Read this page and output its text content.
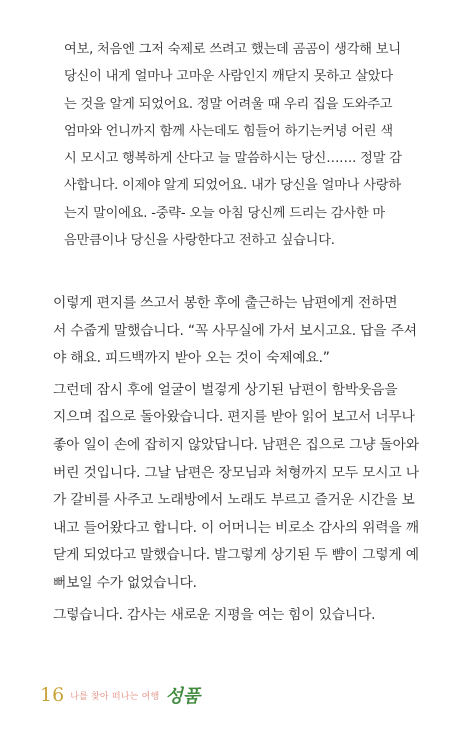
여보, 처음엔 그저 숙제로 쓰려고 했는데 곰곰이 생각해 보니
당신이 내게 얼마나 고마운 사람인지 깨닫지 못하고 살았다
는 것을 알게 되었어요. 정말 어려울 때 우리 집을 도와주고
엄마와 언니까지 함께 사는데도 힘들어 하기는커녕 어린 색
시 모시고 행복하게 산다고 늘 말씀하시는 당신……. 정말 감
사합니다. 이제야 알게 되었어요. 내가 당신을 얼마나 사랑하
는지 말이에요. -중략- 오늘 아침 당신께 드리는 감사한 마
음만큼이나 당신을 사랑한다고 전하고 싶습니다.
이렇게 편지를 쓰고서 봉한 후에 출근하는 남편에게 전하면
서 수줍게 말했습니다. “꼭 사무실에 가서 보시고요. 답을 주셔
야 해요. 피드백까지 받아 오는 것이 숙제예요.”
그런데 잠시 후에 얼굴이 벌겋게 상기된 남편이 함박웃음을
지으며 집으로 돌아왔습니다. 편지를 받아 읽어 보고서 너무나
좋아 일이 손에 잡히지 않았답니다. 남편은 집으로 그냥 돌아와
버린 것입니다. 그날 남편은 장모님과 처형까지 모두 모시고 나
가 갈비를 사주고 노래방에서 노래도 부르고 즐거운 시간을 보
내고 들어왔다고 합니다. 이 어머니는 비로소 감사의 위력을 깨
닫게 되었다고 말했습니다. 발그렇게 상기된 두 뺨이 그렇게 예
뻐보일 수가 없었습니다.
그렇습니다. 감사는 새로운 지평을 여는 힘이 있습니다.
16 나를 찾아 떠나는 여행 성품
